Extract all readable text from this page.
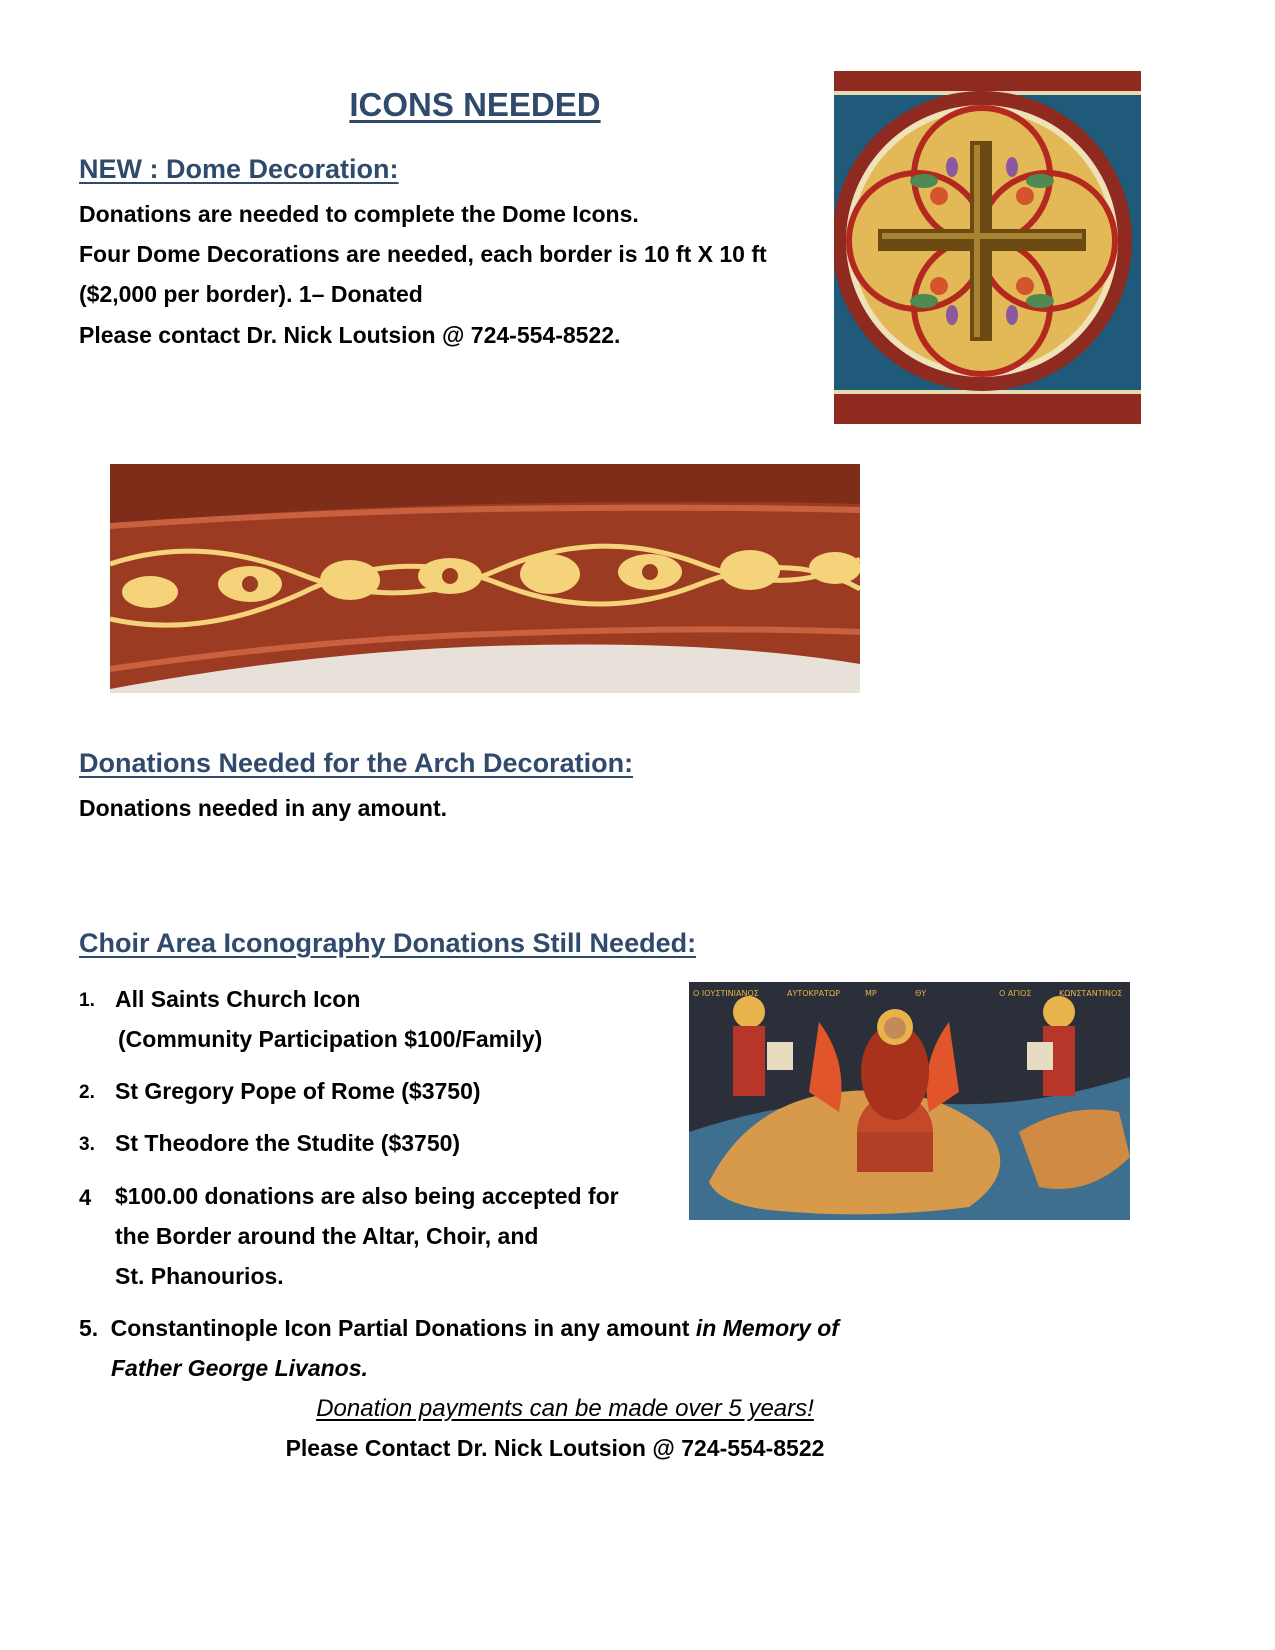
ICONS NEEDED
NEW : Dome Decoration:
Donations are needed to complete the Dome Icons.
Four Dome Decorations are needed, each border is 10 ft X 10 ft
($2,000 per border). 1– Donated
Please contact Dr. Nick Loutsion @ 724-554-8522.
Donations Needed for the Arch Decoration:
Donations needed in any amount.
Choir Area Iconography Donations Still Needed:
1. All Saints Church Icon
(Community Participation $100/Family)
2. St Gregory Pope of Rome ($3750)
3. St Theodore the Studite ($3750)
4 $100.00 donations are also being accepted for
the Border around the Altar, Choir, and
St. Phanourios.
5. Constantinople Icon Partial Donations in any amount in Memory of
Father George Livanos.
Ο ΙΟΥΣΤΙΝΙΑΝΟΣ	ΑΥΤΟΚΡΑΤΩΡ	ΜΡ	ΘΥ	Ο ΑΓΙΟΣ	ΚΩΝΣΤΑΝΤΙΝΟΣ
Donation payments can be made over 5 years!
Please Contact Dr. Nick Loutsion @ 724-554-8522
